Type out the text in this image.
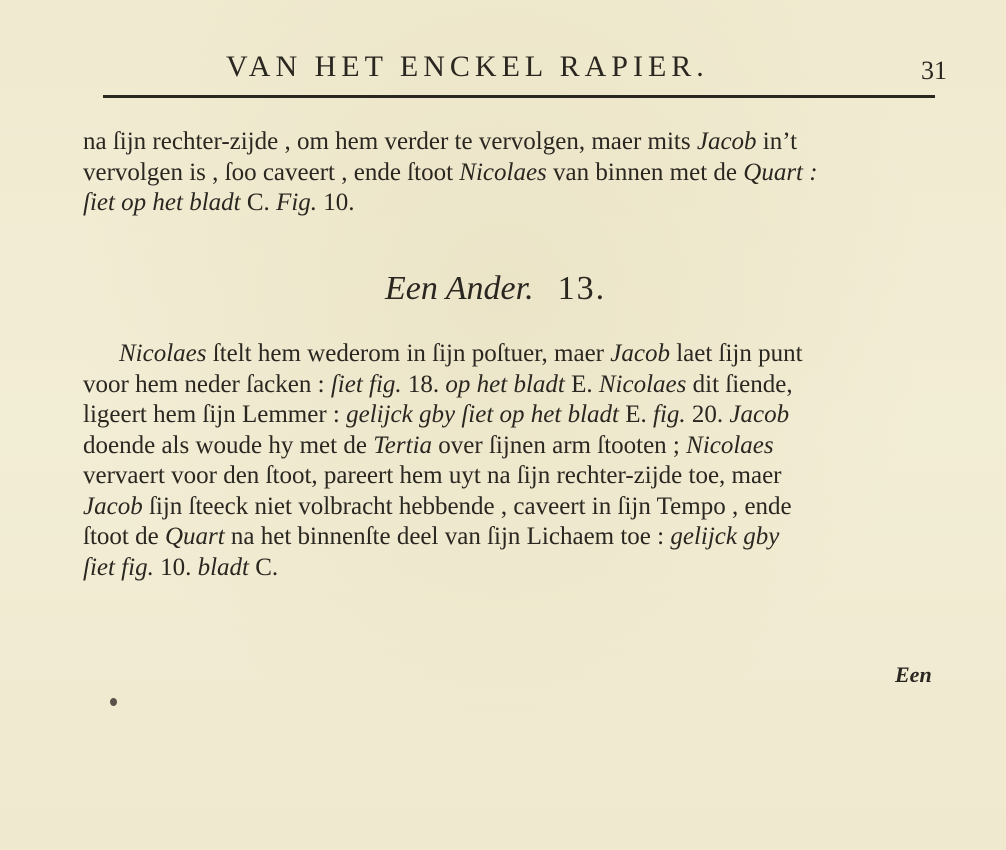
VAN HET ENCKEL RAPIER.	31
na ſijn rechter-zijde , om hem verder te vervolgen, maer mits Jacob in’t
vervolgen is , ſoo caveert , ende ſtoot Nicolaes van binnen met de Quart :
ſiet op het bladt C. Fig. 10.
Een Ander. 13.
Nicolaes ſtelt hem wederom in ſijn poſtuer, maer Jacob laet ſijn punt
voor hem neder ſacken : ſiet fig. 18. op het bladt E. Nicolaes dit ſiende,
ligeert hem ſijn Lemmer : gelijck gby ſiet op het bladt E. fig. 20. Jacob
doende als woude hy met de Tertia over ſijnen arm ſtooten ; Nicolaes
vervaert voor den ſtoot, pareert hem uyt na ſijn rechter-zijde toe, maer
Jacob ſijn ſteeck niet volbracht hebbende , caveert in ſijn Tempo , ende
ſtoot de Quart na het binnenſte deel van ſijn Lichaem toe : gelijck gby
ſiet fig. 10. bladt C.
Een
